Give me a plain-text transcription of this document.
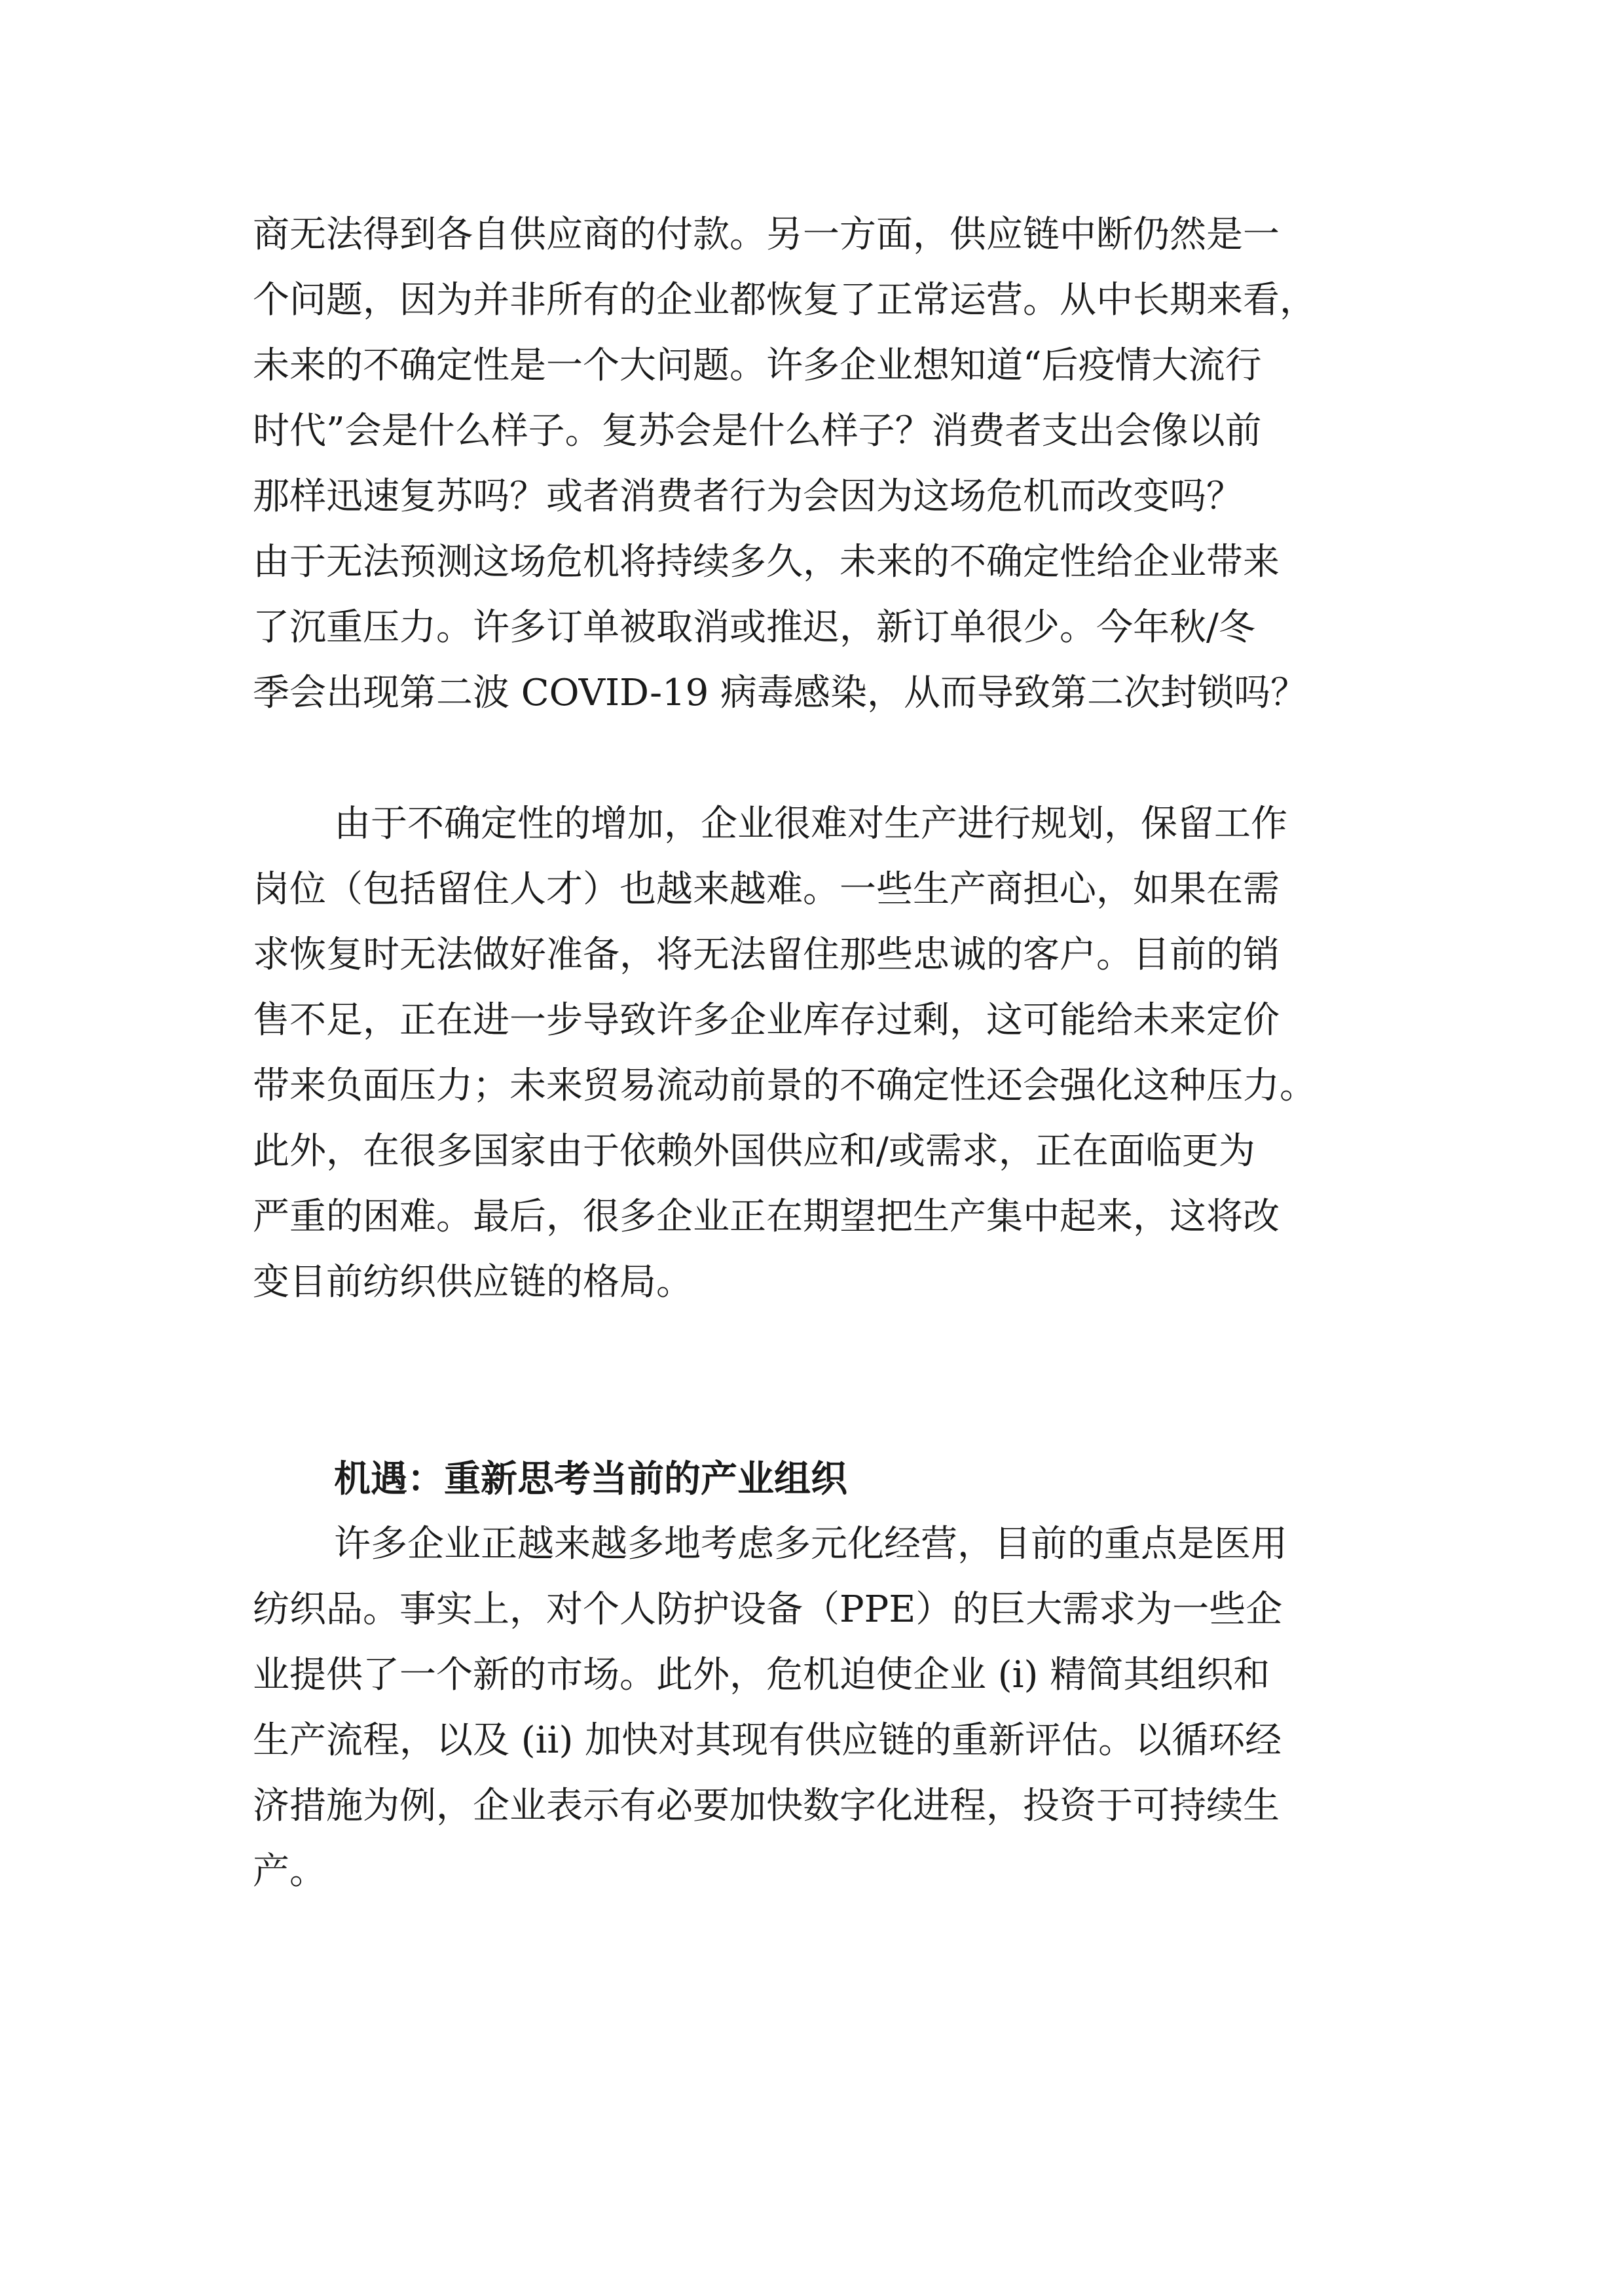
商无法得到各自供应商的付款。另一方面，供应链中断仍然是一
个问题，因为并非所有的企业都恢复了正常运营。从中长期来看，
未来的不确定性是一个大问题。许多企业想知道“后疫情大流行
时代”会是什么样子。复苏会是什么样子？消费者支出会像以前
那样迅速复苏吗？或者消费者行为会因为这场危机而改变吗？
由于无法预测这场危机将持续多久，未来的不确定性给企业带来
了沉重压力。许多订单被取消或推迟，新订单很少。今年秋/冬
季会出现第二波 COVID-19 病毒感染，从而导致第二次封锁吗？
由于不确定性的增加，企业很难对生产进行规划，保留工作
岗位（包括留住人才）也越来越难。一些生产商担心，如果在需
求恢复时无法做好准备，将无法留住那些忠诚的客户。目前的销
售不足，正在进一步导致许多企业库存过剩，这可能给未来定价
带来负面压力；未来贸易流动前景的不确定性还会强化这种压力。
此外，在很多国家由于依赖外国供应和/或需求，正在面临更为
严重的困难。最后，很多企业正在期望把生产集中起来，这将改
变目前纺织供应链的格局。
机遇：重新思考当前的产业组织
许多企业正越来越多地考虑多元化经营，目前的重点是医用
纺织品。事实上，对个人防护设备（PPE）的巨大需求为一些企
业提供了一个新的市场。此外，危机迫使企业 (i) 精简其组织和
生产流程，以及 (ii) 加快对其现有供应链的重新评估。以循环经
济措施为例，企业表示有必要加快数字化进程，投资于可持续生
产。
